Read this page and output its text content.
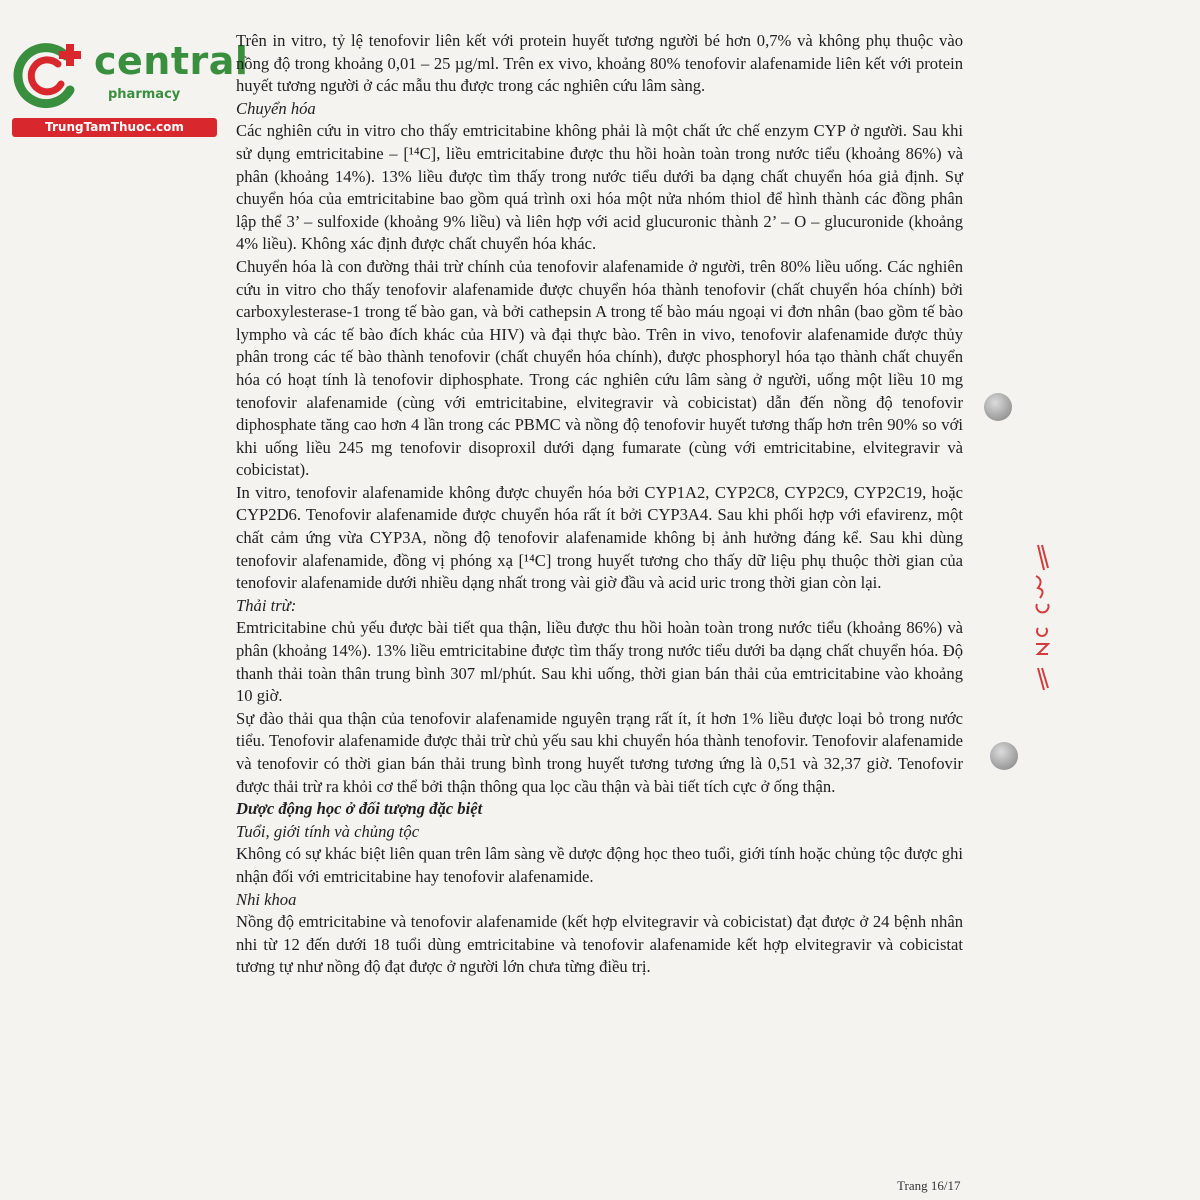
central
pharmacy
TrungTamThuoc.com

Trên in vitro, tỷ lệ tenofovir liên kết với protein huyết tương người bé hơn 0,7% và không phụ thuộc vào nồng độ trong khoảng 0,01 – 25 µg/ml. Trên ex vivo, khoảng 80% tenofovir alafenamide liên kết với protein huyết tương người ở các mẫu thu được trong các nghiên cứu lâm sàng.

Chuyển hóa

Các nghiên cứu in vitro cho thấy emtricitabine không phải là một chất ức chế enzym CYP ở người. Sau khi sử dụng emtricitabine – [¹⁴C], liều emtricitabine được thu hồi hoàn toàn trong nước tiểu (khoảng 86%) và phân (khoảng 14%). 13% liều được tìm thấy trong nước tiểu dưới ba dạng chất chuyển hóa giả định. Sự chuyển hóa của emtricitabine bao gồm quá trình oxi hóa một nửa nhóm thiol để hình thành các đồng phân lập thể 3’ – sulfoxide (khoảng 9% liều) và liên hợp với acid glucuronic thành 2’ – O – glucuronide (khoảng 4% liều). Không xác định được chất chuyển hóa khác.

Chuyển hóa là con đường thải trừ chính của tenofovir alafenamide ở người, trên 80% liều uống. Các nghiên cứu in vitro cho thấy tenofovir alafenamide được chuyển hóa thành tenofovir (chất chuyển hóa chính) bởi carboxylesterase-1 trong tế bào gan, và bởi cathepsin A trong tế bào máu ngoại vi đơn nhân (bao gồm tế bào lympho và các tế bào đích khác của HIV) và đại thực bào. Trên in vivo, tenofovir alafenamide được thủy phân trong các tế bào thành tenofovir (chất chuyển hóa chính), được phosphoryl hóa tạo thành chất chuyển hóa có hoạt tính là tenofovir diphosphate. Trong các nghiên cứu lâm sàng ở người, uống một liều 10 mg tenofovir alafenamide (cùng với emtricitabine, elvitegravir và cobicistat) dẫn đến nồng độ tenofovir diphosphate tăng cao hơn 4 lần trong các PBMC và nồng độ tenofovir huyết tương thấp hơn trên 90% so với khi uống liều 245 mg tenofovir disoproxil dưới dạng fumarate (cùng với emtricitabine, elvitegravir và cobicistat).

In vitro, tenofovir alafenamide không được chuyển hóa bởi CYP1A2, CYP2C8, CYP2C9, CYP2C19, hoặc CYP2D6. Tenofovir alafenamide được chuyển hóa rất ít bởi CYP3A4. Sau khi phối hợp với efavirenz, một chất cảm ứng vừa CYP3A, nồng độ tenofovir alafenamide không bị ảnh hưởng đáng kể. Sau khi dùng tenofovir alafenamide, đồng vị phóng xạ [¹⁴C] trong huyết tương cho thấy dữ liệu phụ thuộc thời gian của tenofovir alafenamide dưới nhiều dạng nhất trong vài giờ đầu và acid uric trong thời gian còn lại.

Thải trừ:

Emtricitabine chủ yếu được bài tiết qua thận, liều được thu hồi hoàn toàn trong nước tiểu (khoảng 86%) và phân (khoảng 14%). 13% liều emtricitabine được tìm thấy trong nước tiểu dưới ba dạng chất chuyển hóa. Độ thanh thải toàn thân trung bình 307 ml/phút. Sau khi uống, thời gian bán thải của emtricitabine vào khoảng 10 giờ.

Sự đào thải qua thận của tenofovir alafenamide nguyên trạng rất ít, ít hơn 1% liều được loại bỏ trong nước tiểu. Tenofovir alafenamide được thải trừ chủ yếu sau khi chuyển hóa thành tenofovir. Tenofovir alafenamide và tenofovir có thời gian bán thải trung bình trong huyết tương tương ứng là 0,51 và 32,37 giờ. Tenofovir được thải trừ ra khỏi cơ thể bởi thận thông qua lọc cầu thận và bài tiết tích cực ở ống thận.

Dược động học ở đối tượng đặc biệt

Tuổi, giới tính và chủng tộc

Không có sự khác biệt liên quan trên lâm sàng về dược động học theo tuổi, giới tính hoặc chủng tộc được ghi nhận đối với emtricitabine hay tenofovir alafenamide.

Nhi khoa

Nồng độ emtricitabine và tenofovir alafenamide (kết hợp elvitegravir và cobicistat) đạt được ở 24 bệnh nhân nhi từ 12 đến dưới 18 tuổi dùng emtricitabine và tenofovir alafenamide kết hợp elvitegravir và cobicistat tương tự như nồng độ đạt được ở người lớn chưa từng điều trị.

Trang 16/17
